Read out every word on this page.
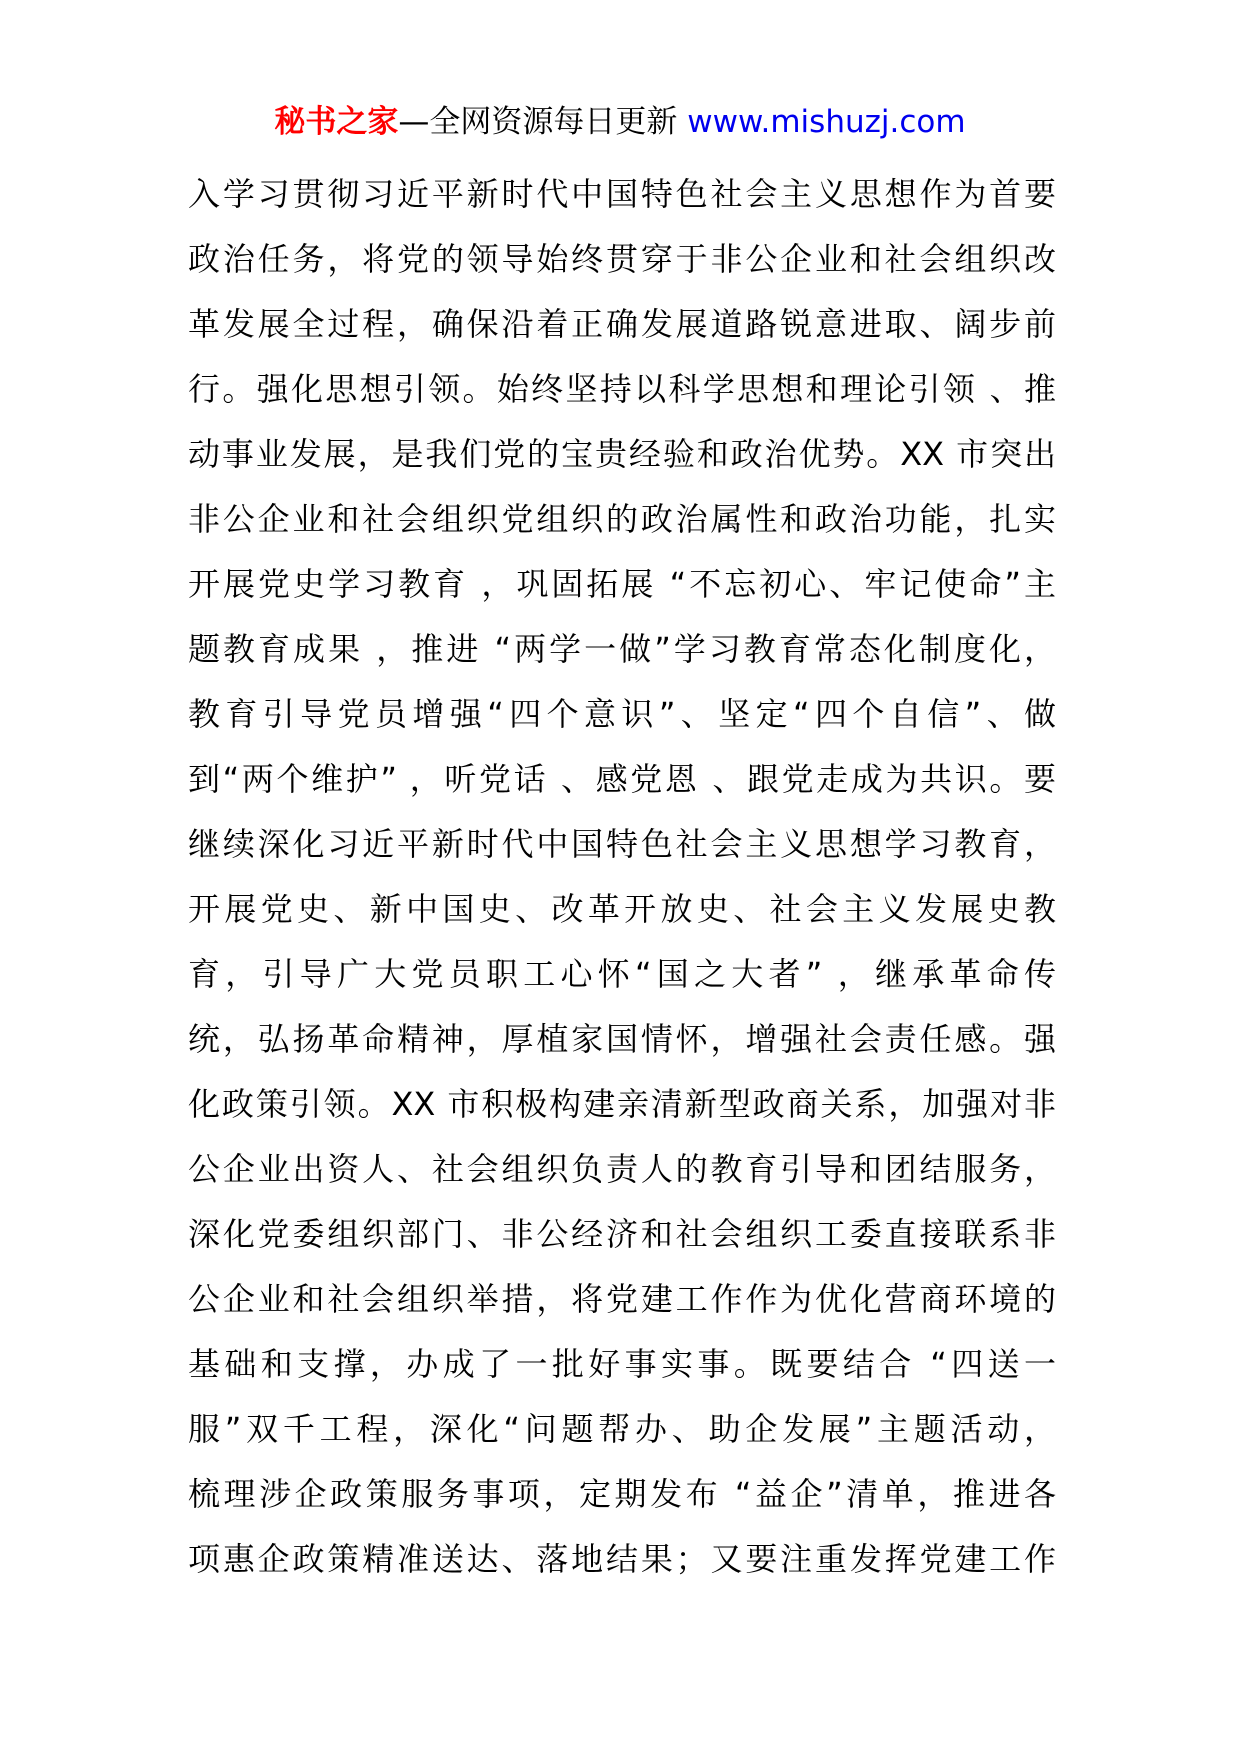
秘书之家—全网资源每日更新 www.mishuzj.com
入学习贯彻习近平新时代中国特色社会主义思想作为首要
政治任务，将党的领导始终贯穿于非公企业和社会组织改
革发展全过程，确保沿着正确发展道路锐意进取、阔步前
行。强化思想引领。始终坚持以科学思想和理论引领 、推
动事业发展，是我们党的宝贵经验和政治优势。XX 市突出
非公企业和社会组织党组织的政治属性和政治功能，扎实
开展党史学习教育 ，巩固拓展 “不忘初心、牢记使命”主
题教育成果 ，推进 “两学一做”学习教育常态化制度化，
教育引导党员增强“四个意识”、坚定“四个自信”、做
到“两个维护” ，听党话 、感党恩 、跟党走成为共识。要
继续深化习近平新时代中国特色社会主义思想学习教育，
开展党史、新中国史、改革开放史、社会主义发展史教
育，引导广大党员职工心怀“国之大者” ，继承革命传
统，弘扬革命精神，厚植家国情怀，增强社会责任感。强
化政策引领。XX 市积极构建亲清新型政商关系，加强对非
公企业出资人、社会组织负责人的教育引导和团结服务，
深化党委组织部门、非公经济和社会组织工委直接联系非
公企业和社会组织举措，将党建工作作为优化营商环境的
基础和支撑，办成了一批好事实事。既要结合 “四送一
服”双千工程，深化“问题帮办、助企发展”主题活动，
梳理涉企政策服务事项，定期发布 “益企”清单，推进各
项惠企政策精准送达、落地结果；又要注重发挥党建工作
